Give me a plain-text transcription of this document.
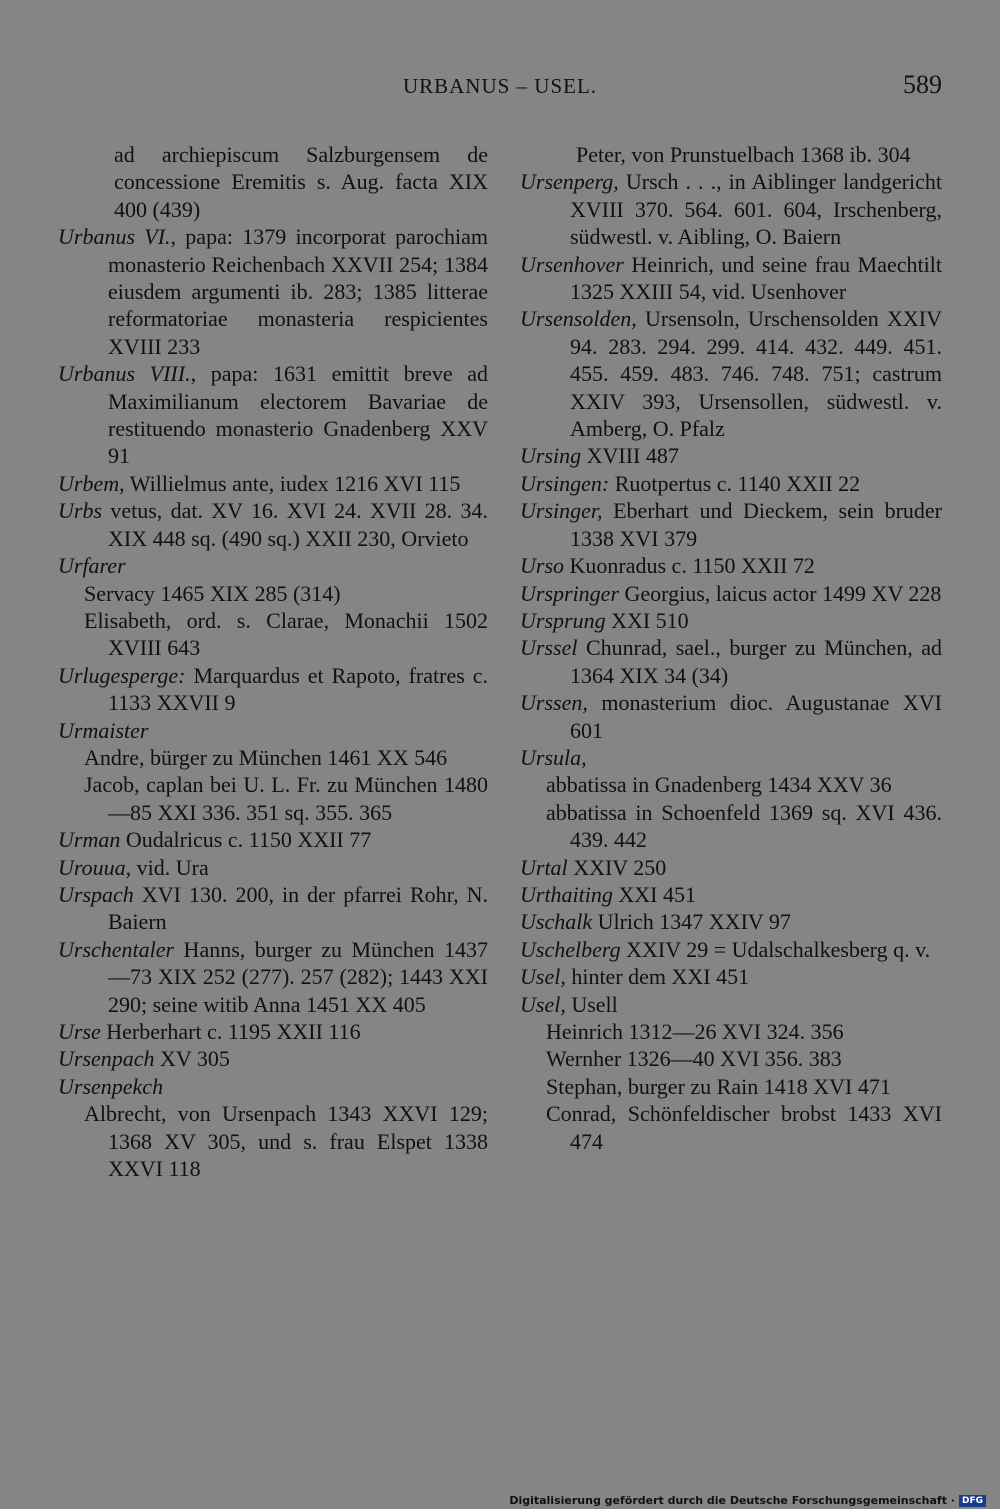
URBANUS – USEL.	589
ad archiepiscum Salzburgensem de concessione Eremitis s. Aug. facta XIX 400 (439)
Urbanus VI., papa: 1379 incorporat parochiam monasterio Reichenbach XXVII 254; 1384 eiusdem argumenti ib. 283; 1385 litterae reformatoriae monasteria respicientes XVIII 233
Urbanus VIII., papa: 1631 emittit breve ad Maximilianum electorem Bavariae de restituendo monasterio Gnadenberg XXV 91
Urbem, Willielmus ante, iudex 1216 XVI 115
Urbs vetus, dat. XV 16. XVI 24. XVII 28. 34. XIX 448 sq. (490 sq.) XXII 230, Orvieto
Urfarer
Servacy 1465 XIX 285 (314)
Elisabeth, ord. s. Clarae, Monachii 1502 XVIII 643
Urlugesperge: Marquardus et Rapoto, fratres c. 1133 XXVII 9
Urmaister
Andre, bürger zu München 1461 XX 546
Jacob, caplan bei U. L. Fr. zu München 1480—85 XXI 336. 351 sq. 355. 365
Urman Oudalricus c. 1150 XXII 77
Urouua, vid. Ura
Urspach XVI 130. 200, in der pfarrei Rohr, N. Baiern
Urschentaler Hanns, burger zu München 1437—73 XIX 252 (277). 257 (282); 1443 XXI 290; seine witib Anna 1451 XX 405
Urse Herberhart c. 1195 XXII 116
Ursenpach XV 305
Ursenpekch
Albrecht, von Ursenpach 1343 XXVI 129; 1368 XV 305, und s. frau Elspet 1338 XXVI 118
Peter, von Prunstuelbach 1368 ib. 304
Ursenperg, Ursch . . ., in Aiblinger landgericht XVIII 370. 564. 601. 604, Irschenberg, südwestl. v. Aibling, O. Baiern
Ursenhover Heinrich, und seine frau Maechtilt 1325 XXIII 54, vid. Usenhover
Ursensolden, Ursensoln, Urschensolden XXIV 94. 283. 294. 299. 414. 432. 449. 451. 455. 459. 483. 746. 748. 751; castrum XXIV 393, Ursensollen, südwestl. v. Amberg, O. Pfalz
Ursing XVIII 487
Ursingen: Ruotpertus c. 1140 XXII 22
Ursinger, Eberhart und Dieckem, sein bruder 1338 XVI 379
Urso Kuonradus c. 1150 XXII 72
Urspringer Georgius, laicus actor 1499 XV 228
Ursprung XXI 510
Urssel Chunrad, sael., burger zu München, ad 1364 XIX 34 (34)
Urssen, monasterium dioc. Augustanae XVI 601
Ursula,
abbatissa in Gnadenberg 1434 XXV 36
abbatissa in Schoenfeld 1369 sq. XVI 436. 439. 442
Urtal XXIV 250
Urthaiting XXI 451
Uschalk Ulrich 1347 XXIV 97
Uschelberg XXIV 29 = Udalschalkesberg q. v.
Usel, hinter dem XXI 451
Usel, Usell
Heinrich 1312—26 XVI 324. 356
Wernher 1326—40 XVI 356. 383
Stephan, burger zu Rain 1418 XVI 471
Conrad, Schönfeldischer brobst 1433 XVI 474
Digitalisierung gefördert durch die Deutsche Forschungsgemeinschaft · DFG
